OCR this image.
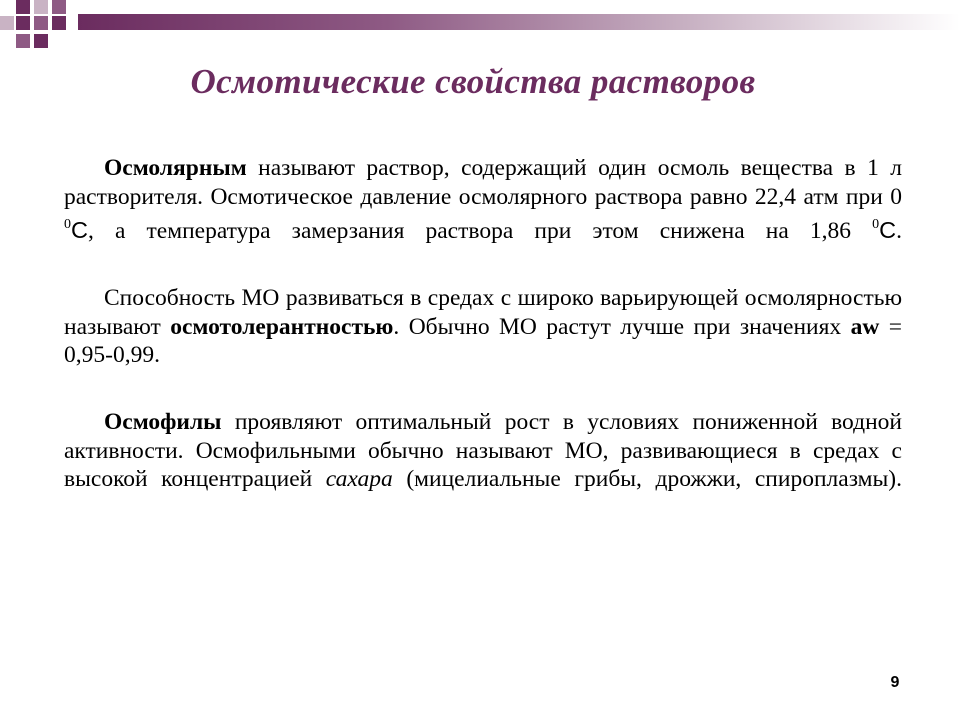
Осмотические свойства растворов

Осмолярным называют раствор, содержащий один осмоль вещества в 1 л растворителя. Осмотическое давление осмолярного раствора равно 22,4 атм при 0 $^0$С, а температура замерзания раствора при этом снижена на 1,86 $^0$С.

Способность МО развиваться в средах с широко варьирующей осмолярностью называют осмотолерантностью. Обычно МО растут лучше при значениях aw = 0,95-0,99.

Осмофилы проявляют оптимальный рост в условиях пониженной водной активности. Осмофильными обычно называют МО, развивающиеся в средах с высокой концентрацией сахара (мицелиальные грибы, дрожжи, спироплазмы).

9
